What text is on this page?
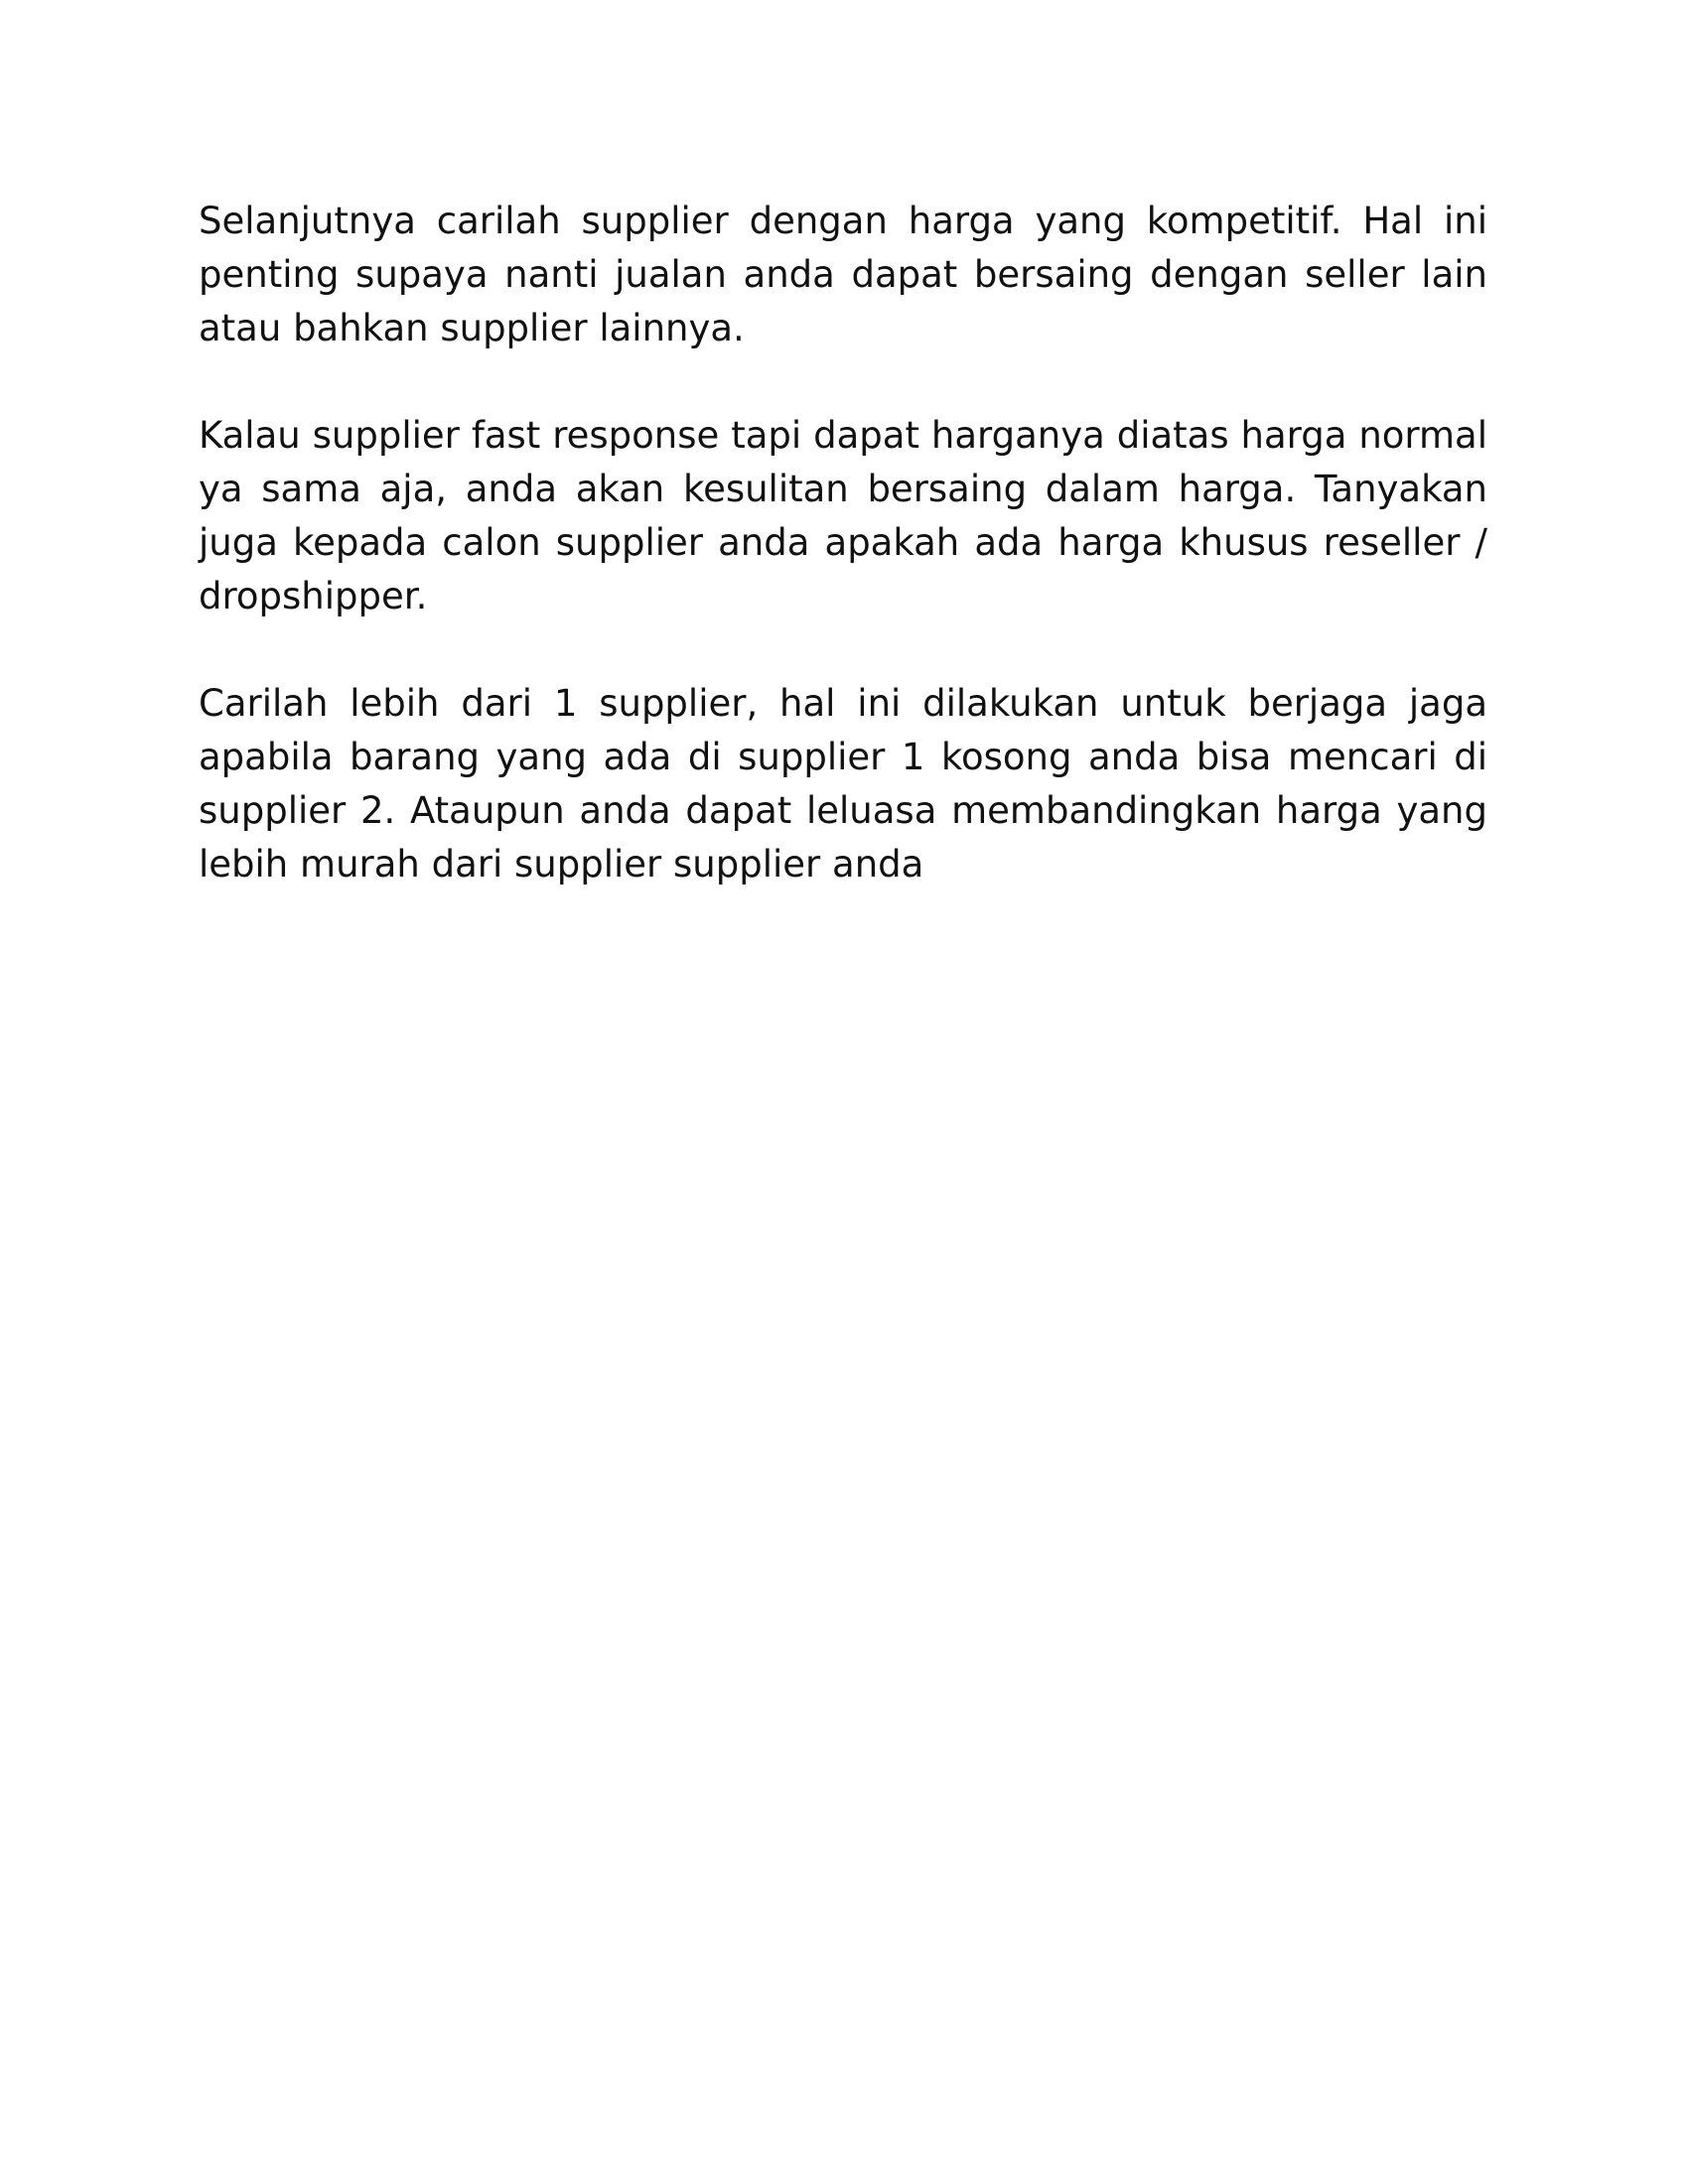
Selanjutnya carilah supplier dengan harga yang kompetitif. Hal ini penting supaya nanti jualan anda dapat bersaing dengan seller lain atau bahkan supplier lainnya.

Kalau supplier fast response tapi dapat harganya diatas harga normal ya sama aja, anda akan kesulitan bersaing dalam harga. Tanyakan juga kepada calon supplier anda apakah ada harga khusus reseller / dropshipper.

Carilah lebih dari 1 supplier, hal ini dilakukan untuk berjaga jaga apabila barang yang ada di supplier 1 kosong anda bisa mencari di supplier 2. Ataupun anda dapat leluasa membandingkan harga yang lebih murah dari supplier supplier anda
